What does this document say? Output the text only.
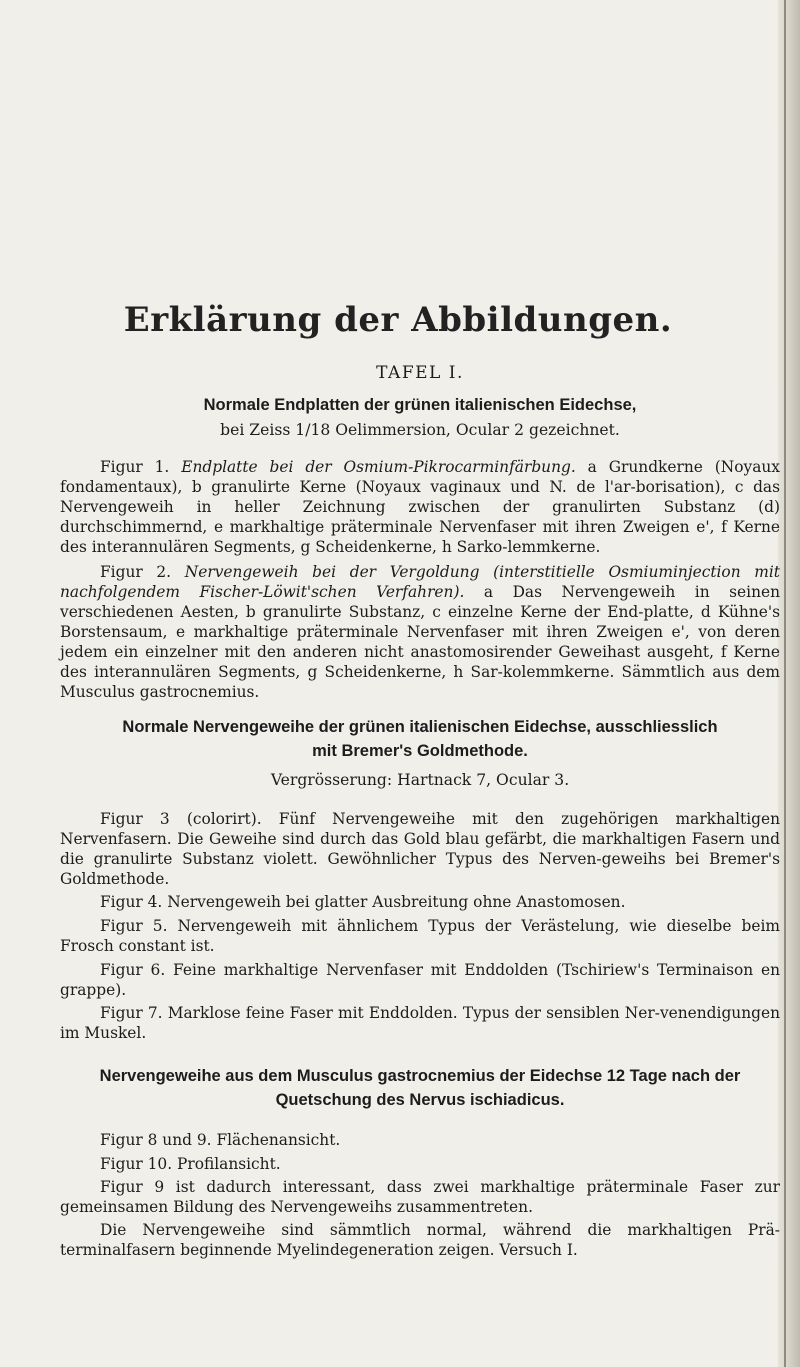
Erklärung der Abbildungen.
TAFEL I.
Normale Endplatten der grünen italienischen Eidechse,
bei Zeiss 1/18 Oelimmersion, Ocular 2 gezeichnet.

Figur 1. Endplatte bei der Osmium-Pikrocarminfärbung. a Grundkerne (Noyaux fondamentaux), b granulirte Kerne (Noyaux vaginaux und N. de l'ar-borisation), c das Nervengeweih in heller Zeichnung zwischen der granulirten Substanz (d) durchschimmernd, e markhaltige präterminale Nervenfaser mit ihren Zweigen e', f Kerne des interannulären Segments, g Scheidenkerne, h Sarko-lemmkerne.

Figur 2. Nervengeweih bei der Vergoldung (interstitielle Osmiuminjection mit nachfolgendem Fischer-Löwit'schen Verfahren). a Das Nervengeweih in seinen verschiedenen Aesten, b granulirte Substanz, c einzelne Kerne der End-platte, d Kühne's Borstensaum, e markhaltige präterminale Nervenfaser mit ihren Zweigen e', von deren jedem ein einzelner mit den anderen nicht anastomosirender Geweihast ausgeht, f Kerne des interannulären Segments, g Scheidenkerne, h Sar-kolemmkerne. Sämmtlich aus dem Musculus gastrocnemius.

Normale Nervengeweihe der grünen italienischen Eidechse, ausschliesslich
mit Bremer's Goldmethode.
Vergrösserung: Hartnack 7, Ocular 3.

Figur 3 (colorirt). Fünf Nervengeweihe mit den zugehörigen markhaltigen Nervenfasern. Die Geweihe sind durch das Gold blau gefärbt, die markhaltigen Fasern und die granulirte Substanz violett. Gewöhnlicher Typus des Nerven-geweihs bei Bremer's Goldmethode.

Figur 4. Nervengeweih bei glatter Ausbreitung ohne Anastomosen.

Figur 5. Nervengeweih mit ähnlichem Typus der Verästelung, wie dieselbe beim Frosch constant ist.

Figur 6. Feine markhaltige Nervenfaser mit Enddolden (Tschiriew's Terminaison en grappe).

Figur 7. Marklose feine Faser mit Enddolden. Typus der sensiblen Ner-venendigungen im Muskel.

Nervengeweihe aus dem Musculus gastrocnemius der Eidechse 12 Tage nach der
Quetschung des Nervus ischiadicus.

Figur 8 und 9. Flächenansicht.

Figur 10. Profilansicht.

Figur 9 ist dadurch interessant, dass zwei markhaltige präterminale Faser zur gemeinsamen Bildung des Nervengeweihs zusammentreten.

Die Nervengeweihe sind sämmtlich normal, während die markhaltigen Prä-terminalfasern beginnende Myelindegeneration zeigen. Versuch I.
